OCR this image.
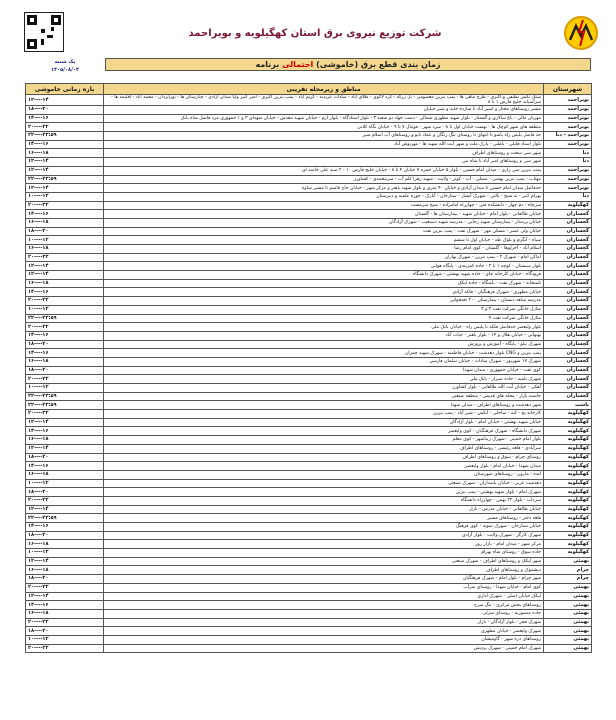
شرکت توزیع نیروی برق استان کهگیلویه و بویراحمد
یک شنبه
۱۴۰۵/۰۸/۰۴
زمان بندی قطع برق (خاموشی) احتمالی برنامه
بازه زمانی خاموشی	مناطق و زیرمحله تفریبی	شهرستان
۱۲----۱۴	سنگ تکش نظیفی و اکبری - طرح ماهی ها - پمپ بنزین معصومی - بل زرگه - گرد لاکوی - طلای آباد - سادات عزیدیه - کریم آباد - پمپ بنزین اکبری - امیر کبیر ولیا میدان آزادی - چنارستان ها - نورایزدان - محمد آباد - اقلیمه ها - سرآسیابه خلیج فارس ۱ تا ۸	بویراحمد
۱۸----۲۰	مسیر روستاهای مختار و اسپر آباد تا شازده خلبه و شیر جیلیان	بویراحمد
۱۴----۱۶	مهریان مالی - باغ سالاری و گستنار - بلوار شهید مطهری شمالی - دشت جهاد دو شعبه ۳ - بلوار استادگاه - بلوار ارم - خیابان شهید مقدس - خیابان شهدای ۳ و ۱ جمهوری مرد فاضل شاه بانک	بویراحمد
۲۰----۲۲	منطقه های شهر کوچک ها - نهضت خیابان اول تا ۸ - سرد شهر - فوتبال ۷ تا ۹ - خیابان نگاه کلانی	بویراحمد
۲۲----۲۳:۵۹	حد فاصل پلیس راه باشو تا انتهای تا روستای تنگ رنگان و عماد نانو و روستاهای آب اسلام شیر	بویراحمد - دنا
۱۴----۱۶	بلوار استاد قلیلی - باطنی - پارک ملت و شهر آیت الله شهید ها - مهرنوش آباد	بویراحمد
۱۶----۱۸	شهر سی سخت و روستاهای اطراف	دنا
۱۲----۱۴	شهر سی و روستاهای امیر آباد تا شاه بنی	دنا
۱۲----۱۴	پمپ بنزین سی زاری - میدان امام حسین - بلوار ۵ خیابان حمزه ۷ خیابان ۴ تا ۸ - خیابان خلیج فارس ۱۰ - ۲ سید علی خامنه ای	بویراحمد
۲۲----۲۳:۵۹	مهتاب - پمپ بنزین بهمنی - مصلی - آب - کوثر - ولایت - شهید زهرا کلم آب - سرمحمدی - کشاورز	بویراحمد
۱۲----۱۴	حدفاصل میدان امام حسین تا میدان آزادی و خیابان ۴۰ متری و بلوار شهید باهنر و مرکز شهر - خیابان حاج قاسم تا مسیر ساوه	بویراحمد
۱۰----۱۲	بهرام کبیر - ته شیخ - یالتی - شهرک آبشار - ستارخان - آبارک - جوزه علمیه و دبیرستان	دنا
۲۰----۲۲	سرچاه - دم چهار - دانشکده فنی - چهارراه امامزاده - شیخ سرمست	کهگیلویه
۱۴----۱۶	خیابان طالقانی - بلوار امام - خیابان شهید - بیمارستان ها - گلستان	گچساران
۱۶----۱۸	خیابان پرستار - بیمارستان شهید رجایی - مدرسه شهید دستغیب - شهرک آزادگان	گچساران
۱۸----۲۰	خیابان ولی عصر - مسکن مهر - شهرک نفت - پمپ بنزین نفت	گچساران
۱۰----۱۲	سیاه - آبگرم و بلوک طه - خیابان اول تا ششم	گچساران
۱۶----۱۸	اسلام آباد - آجرلوها - گلستان - کوی امام رضا	گچساران
۲۰----۲۲	اماکن امام - شهرک ۲ - پمپ بنزین - شهرک بهاران	گچساران
۱۲----۱۴	بلوار سیستان - کوچه ۱ تا ۲ - جاده کمربندی - پایگاه هوایی	گچساران
۱۲----۱۴	فرودگاه - خیابان کارخانه چای - جاده شهید بهشتی - شهرک دانشگاه	گچساران
۱۶----۱۸	تلمبخانه - شهرک نفت - باشگاه - جاده لیکک	گچساران
۱۴----۱۶	خیابان مطهری - شهرک فرهنگیان - فلکه آزادی	گچساران
۲۰----۲۲	مدرسه شاهد دبستان - بیمارستان ۲۰۰ تختخوابی	گچساران
۱۰----۱۲	منازل خانگی شرکت نفت ۲ و ۳	گچساران
۲۲----۲۳:۵۹	منازل خانگی شرکت نفت ۴	گچساران
۲۰----۲۲	بلوار ولیعصر حدفاصل فلکه تا پلیس راه - خیابان بانک ملی	گچساران
۱۴----۱۶	بهبهانی - خیابان هلال و ۱۴ - بلوار باهنر - حیات آباد	گچساران
۱۸----۲۰	شهرک نیلو - پایگاه - آموزش و پرورش	گچساران
۱۴----۱۶	پمپ بنزین و CNG بلوار دهدشت - خیابان فاطمیه - شهرک شهید چمران	گچساران
۱۶----۱۸	شهرک ۱۷ شهریور - شهرک سادات - خیابان سلمان فارسی	گچساران
۱۸----۲۰	کوی نفت - خیابان جمهوری - میدان شهدا	گچساران
۲۰----۲۲	شهرک تلمبه - جاده شیراز - بانک ملی	گچساران
۱۰----۱۲	آهکی - خیابان آیت الله طالقانی - بلوار کشاورز	گچساران
۲۲----۲۳:۵۹	حاشیه بازار - محله های قدیمی - منطقه صنعتی	گچساران
۲۲----۲۳:۵۹	شهر دهدشت و روستاهای اطراف - میدان شهدا	باشت
۲۰----۲۲	کارخانه یخ - کنه - ساحلی - آبکش - شیر آباد - پمپ بنزین	کهگیلویه
۱۲----۱۴	خیابان شهید بهشتی - خیابان امام - بلوار آزادگان	کهگیلویه
۱۴----۱۶	شهرک دانشگاه - شهرک فرهنگیان - کوی ولیعصر	کهگیلویه
۱۶----۱۸	بلوار امام خمینی - شهرک زیباشهر - کوی معلم	کهگیلویه
۱۲----۱۴	سرآبادی - قلعه رئیسی - روستاهای اطراف	کهگیلویه
۱۸----۲۰	روستای چرام - سوق و روستاهای اطراف	کهگیلویه
۱۴----۱۶	میدان شهدا - خیابان امام - بلوار ولیعصر	کهگیلویه
۱۶----۱۸	لنده - مارون - روستاهای شهرستان	کهگیلویه
۱۰----۱۲	دهدشت غربی - خیابان پاسداران - شهرک صنعتی	کهگیلویه
۱۸----۲۰	شهرک امام - بلوار شهید بهشتی - پمپ بنزین	کهگیلویه
۲۰----۲۲	سرداب - بلوار ۲۲ بهمن - چهارراه دانشگاه	کهگیلویه
۱۲----۱۴	خیابان طالقانی - خیابان مدرس - بازار	کهگیلویه
۲۲----۲۳:۵۹	قلعه دختر - روستاهای مسیر	کهگیلویه
۱۴----۱۶	خیابان ستارخان - شهرک نمونه - کوی فرهنگ	کهگیلویه
۱۸----۲۰	شهرک کارگر - شهرک ولایت - بلوار آزادی	کهگیلویه
۱۶----۱۸	مرکز شهر - میدان امام - بازار روز	کهگیلویه
۱۰----۱۲	جاده سوق - روستای شاه بهرام	کهگیلویه
۱۲----۱۴	شهر لیکک و روستاهای اطراف - شهرک صنعتی	بهمئی
۱۶----۱۸	دیشموک و روستاهای اطراف	چرام
۱۸----۲۰	شهر چرام - بلوار امام - شهرک فرهنگیان	چرام
۲۰----۲۲	کوی امام - خیابان شهدا - روستای سرآب	بهمئی
۱۲----۱۴	لیکک خیابان اصلی - شهرک اداری	بهمئی
۱۴----۱۶	روستاهای بخش مرکزی - تنگ سرخ	بهمئی
۱۶----۱۸	جاده منصوریه - روستای سرلی	بهمئی
۲۰----۲۲	شهرک فجر - بلوار آزادگان - بازار	بهمئی
۱۸----۲۰	شهرک ولیعصر - خیابان مطهری	بهمئی
۱۰----۱۲	روستاهای دره شهر - گاومیشان	بهمئی
۲۰----۲۲	شهرک امام خمینی - شهرک پردیس	بهمئی
